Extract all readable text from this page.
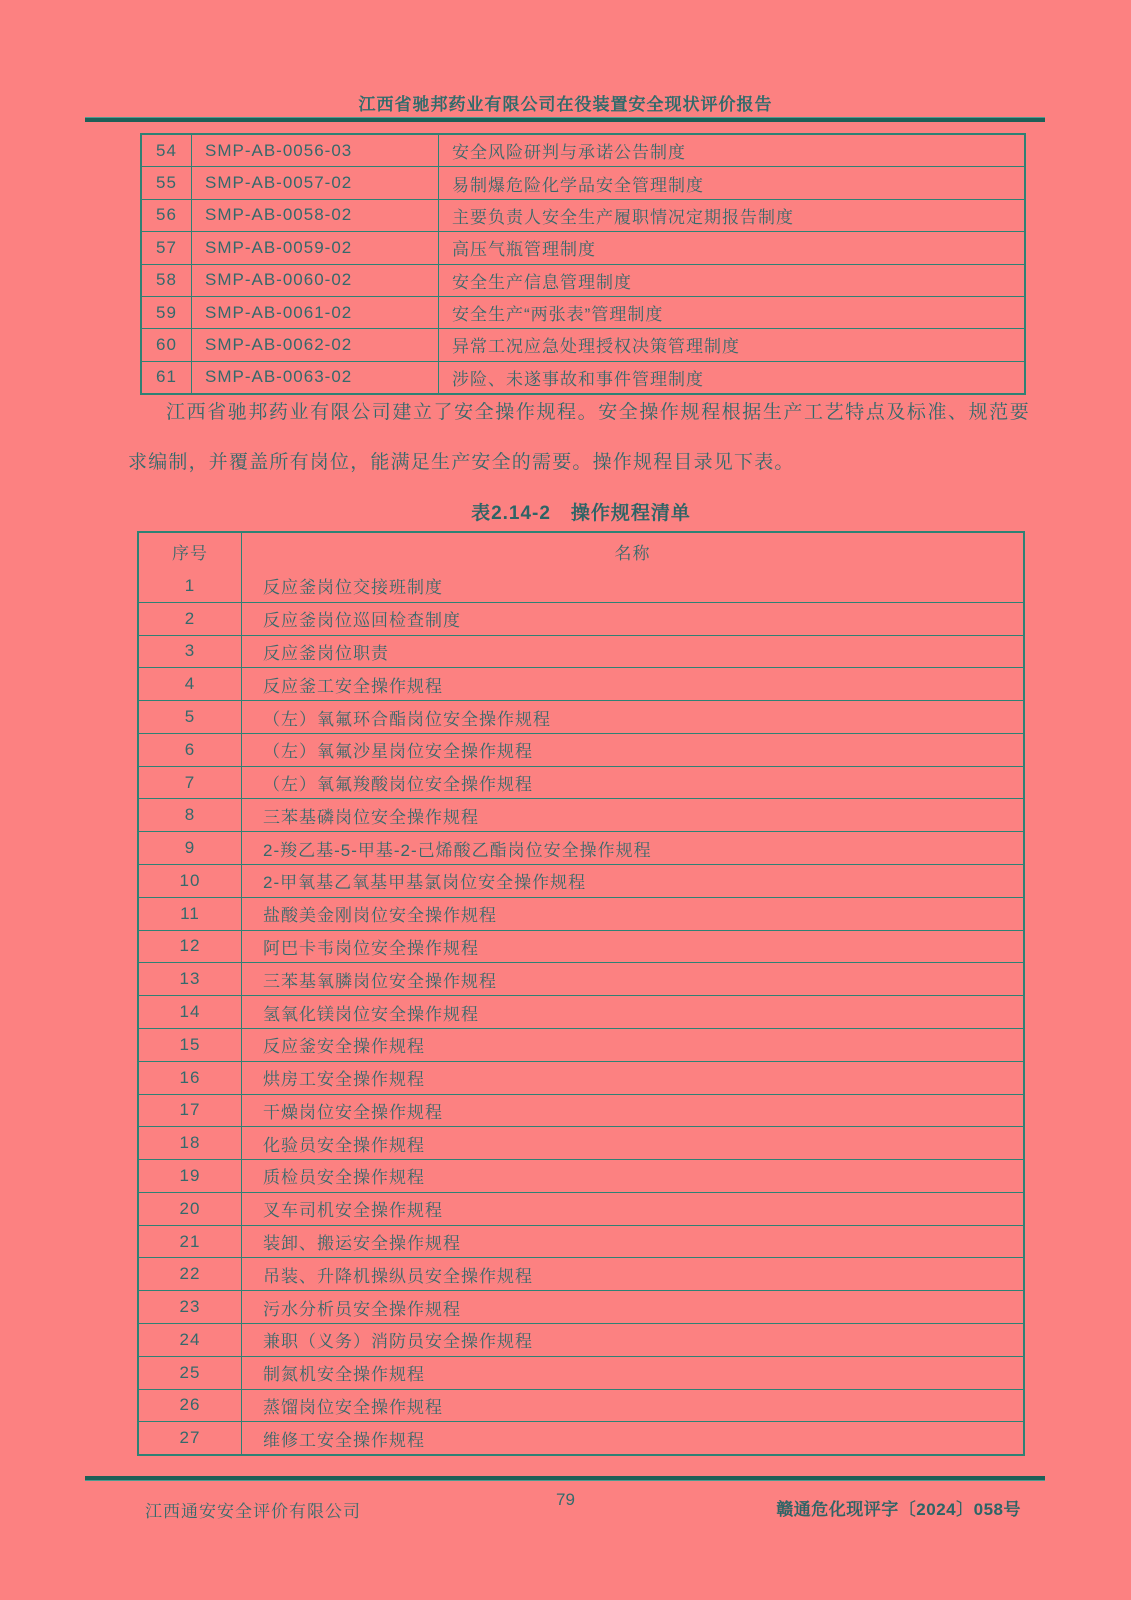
江西省驰邦药业有限公司在役装置安全现状评价报告
54	SMP-AB-0056-03	安全风险研判与承诺公告制度
55	SMP-AB-0057-02	易制爆危险化学品安全管理制度
56	SMP-AB-0058-02	主要负责人安全生产履职情况定期报告制度
57	SMP-AB-0059-02	高压气瓶管理制度
58	SMP-AB-0060-02	安全生产信息管理制度
59	SMP-AB-0061-02	安全生产“两张表”管理制度
60	SMP-AB-0062-02	异常工况应急处理授权决策管理制度
61	SMP-AB-0063-02	涉险、未遂事故和事件管理制度
江西省驰邦药业有限公司建立了安全操作规程。安全操作规程根据生产工艺特点及标准、规范要求编制，并覆盖所有岗位，能满足生产安全的需要。操作规程目录见下表。
表2.14-2　操作规程清单
序号	名称
1	反应釜岗位交接班制度
2	反应釜岗位巡回检查制度
3	反应釜岗位职责
4	反应釜工安全操作规程
5	（左）氧氟环合酯岗位安全操作规程
6	（左）氧氟沙星岗位安全操作规程
7	（左）氧氟羧酸岗位安全操作规程
8	三苯基磷岗位安全操作规程
9	2-羧乙基-5-甲基-2-己烯酸乙酯岗位安全操作规程
10	2-甲氧基乙氧基甲基氯岗位安全操作规程
11	盐酸美金刚岗位安全操作规程
12	阿巴卡韦岗位安全操作规程
13	三苯基氧膦岗位安全操作规程
14	氢氧化镁岗位安全操作规程
15	反应釜安全操作规程
16	烘房工安全操作规程
17	干燥岗位安全操作规程
18	化验员安全操作规程
19	质检员安全操作规程
20	叉车司机安全操作规程
21	装卸、搬运安全操作规程
22	吊装、升降机操纵员安全操作规程
23	污水分析员安全操作规程
24	兼职（义务）消防员安全操作规程
25	制氮机安全操作规程
26	蒸馏岗位安全操作规程
27	维修工安全操作规程
江西通安安全评价有限公司
79
赣通危化现评字〔2024〕058号
